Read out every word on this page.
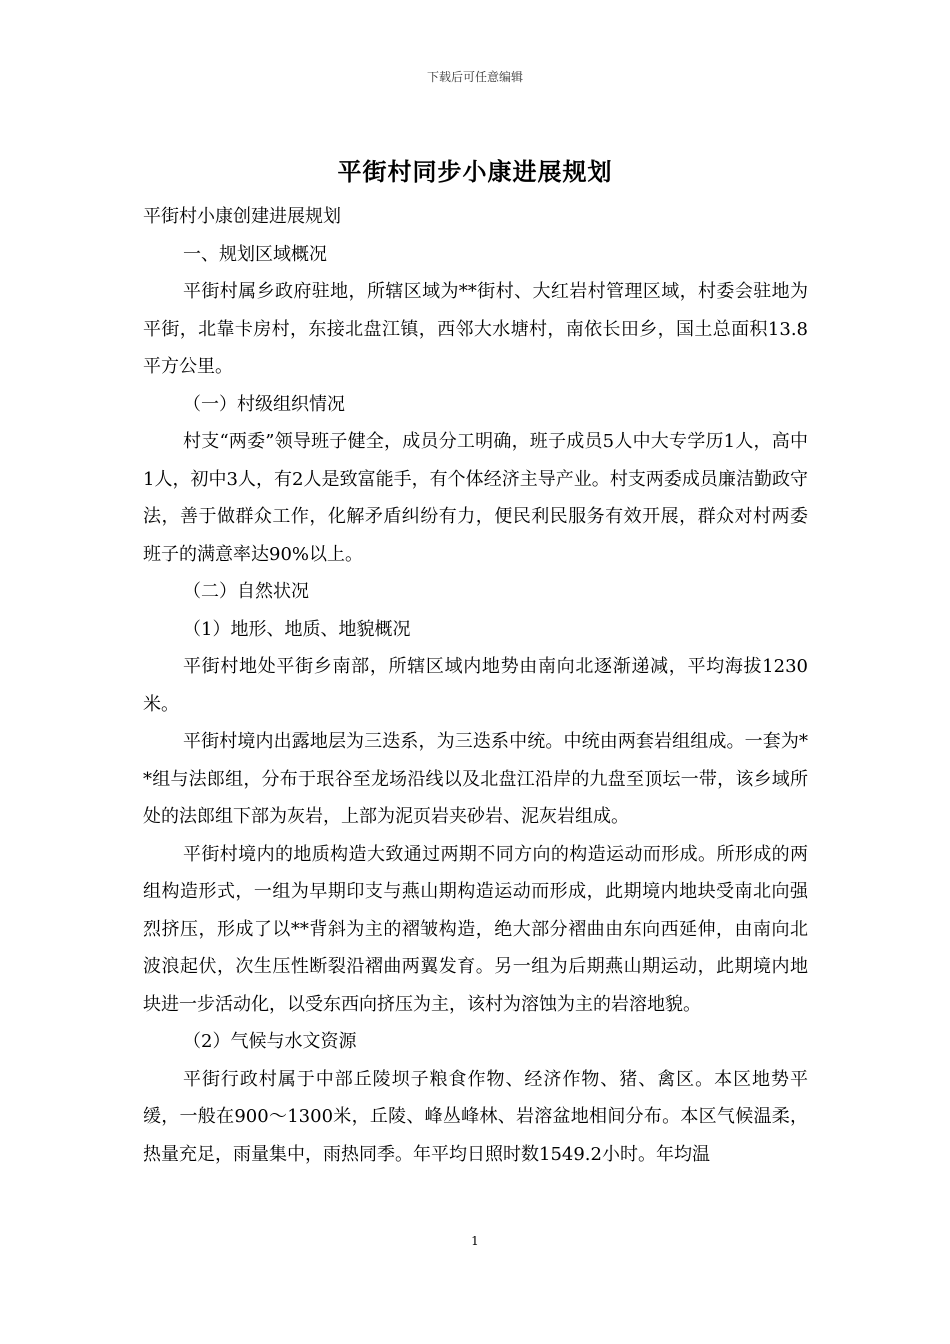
下载后可任意编辑
平街村同步小康进展规划

平街村小康创建进展规划

一、规划区域概况

平街村属乡政府驻地，所辖区域为**街村、大红岩村管理区域，村委会驻地为平街，北靠卡房村，东接北盘江镇，西邻大水塘村，南依长田乡，国土总面积13.8平方公里。

（一）村级组织情况

村支“两委”领导班子健全，成员分工明确，班子成员5人中大专学历1人，高中1人，初中3人，有2人是致富能手，有个体经济主导产业。村支两委成员廉洁勤政守法，善于做群众工作，化解矛盾纠纷有力，便民利民服务有效开展，群众对村两委班子的满意率达90%以上。

（二）自然状况

（1）地形、地质、地貌概况

平街村地处平街乡南部，所辖区域内地势由南向北逐渐递减，平均海拔1230米。

平街村境内出露地层为三迭系，为三迭系中统。中统由两套岩组组成。一套为**组与法郎组，分布于珉谷至龙场沿线以及北盘江沿岸的九盘至顶坛一带，该乡域所处的法郎组下部为灰岩，上部为泥页岩夹砂岩、泥灰岩组成。

平街村境内的地质构造大致通过两期不同方向的构造运动而形成。所形成的两组构造形式，一组为早期印支与燕山期构造运动而形成，此期境内地块受南北向强烈挤压，形成了以**背斜为主的褶皱构造，绝大部分褶曲由东向西延伸，由南向北波浪起伏，次生压性断裂沿褶曲两翼发育。另一组为后期燕山期运动，此期境内地块进一步活动化，以受东西向挤压为主，该村为溶蚀为主的岩溶地貌。

（2）气候与水文资源

平街行政村属于中部丘陵坝子粮食作物、经济作物、猪、禽区。本区地势平缓，一般在900～1300米，丘陵、峰丛峰林、岩溶盆地相间分布。本区气候温柔，热量充足，雨量集中，雨热同季。年平均日照时数1549.2小时。年均温

1
